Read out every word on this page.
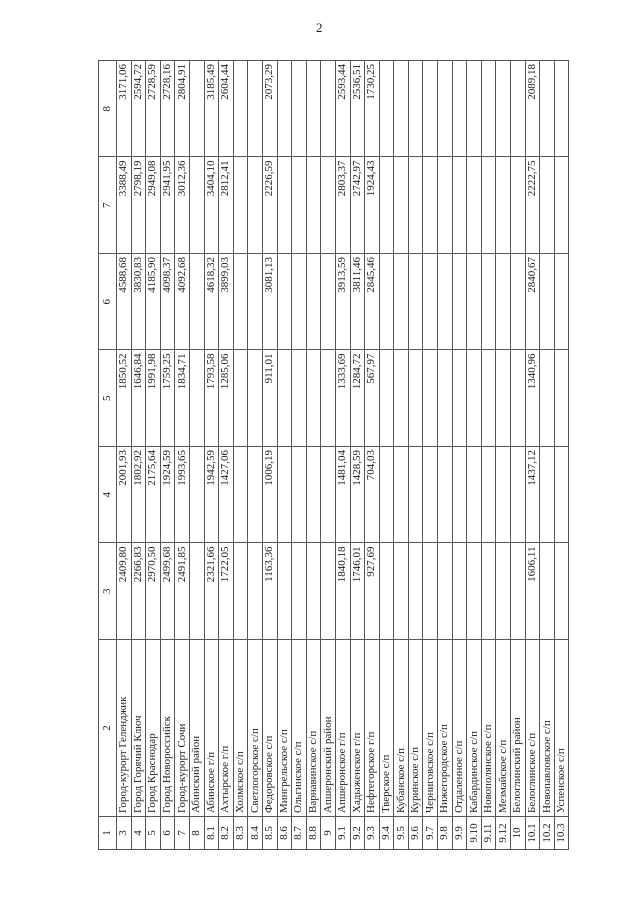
2
1	2	3	4	5	6	7	8
3	Город-курорт Геленджик	2409,80	2001,93	1850,52	4588,68	3388,49	3171,06
4	Город Горячий Ключ	2266,83	1802,92	1646,84	3830,83	2798,19	2594,72
5	Город Краснодар	2970,50	2175,64	1991,98	4185,90	2949,08	2728,59
6	Город Новороссийск	2499,68	1924,59	1759,25	4098,37	2941,95	2728,16
7	Город-курорт Сочи	2491,85	1993,65	1834,71	4092,68	3012,36	2804,91
8	Абинский район						
8.1	Абинское г/п	2321,66	1942,59	1793,58	4618,32	3404,10	3185,49
8.2	Ахтырское г/п	1722,05	1427,06	1285,06	3899,03	2812,41	2604,44
8.3	Холмское с/п						
8.4	Светлогорское с/п						
8.5	Федоровское с/п	1163,36	1006,19	911,01	3081,13	2226,59	2073,29
8.6	Мингрельское с/п						
8.7	Ольгинское с/п						
8.8	Варнавинское с/п						
9	Апшеронский район						
9.1	Апшеронское г/п	1840,18	1481,04	1333,69	3913,59	2803,37	2593,44
9.2	Хадыженское г/п	1746,01	1428,59	1284,72	3811,46	2742,97	2536,51
9.3	Нефтегорское г/п	927,69	704,03	567,97	2845,46	1924,43	1730,25
9.4	Тверское с/п						
9.5	Кубанское с/п						
9.6	Куринское с/п						
9.7	Черниговское с/п						
9.8	Нижегородское с/п						
9.9	Отдаленное с/п						
9.10	Кабардинское с/п						
9.11	Новополянское с/п						
9.12	Мезмайское с/п						
10	Белоглинский район						
10.1	Белоглинское с/п	1606,11	1437,12	1340,96	2840,67	2222,75	2089,18
10.2	Новопавловское с/п						
10.3	Успенское с/п						
